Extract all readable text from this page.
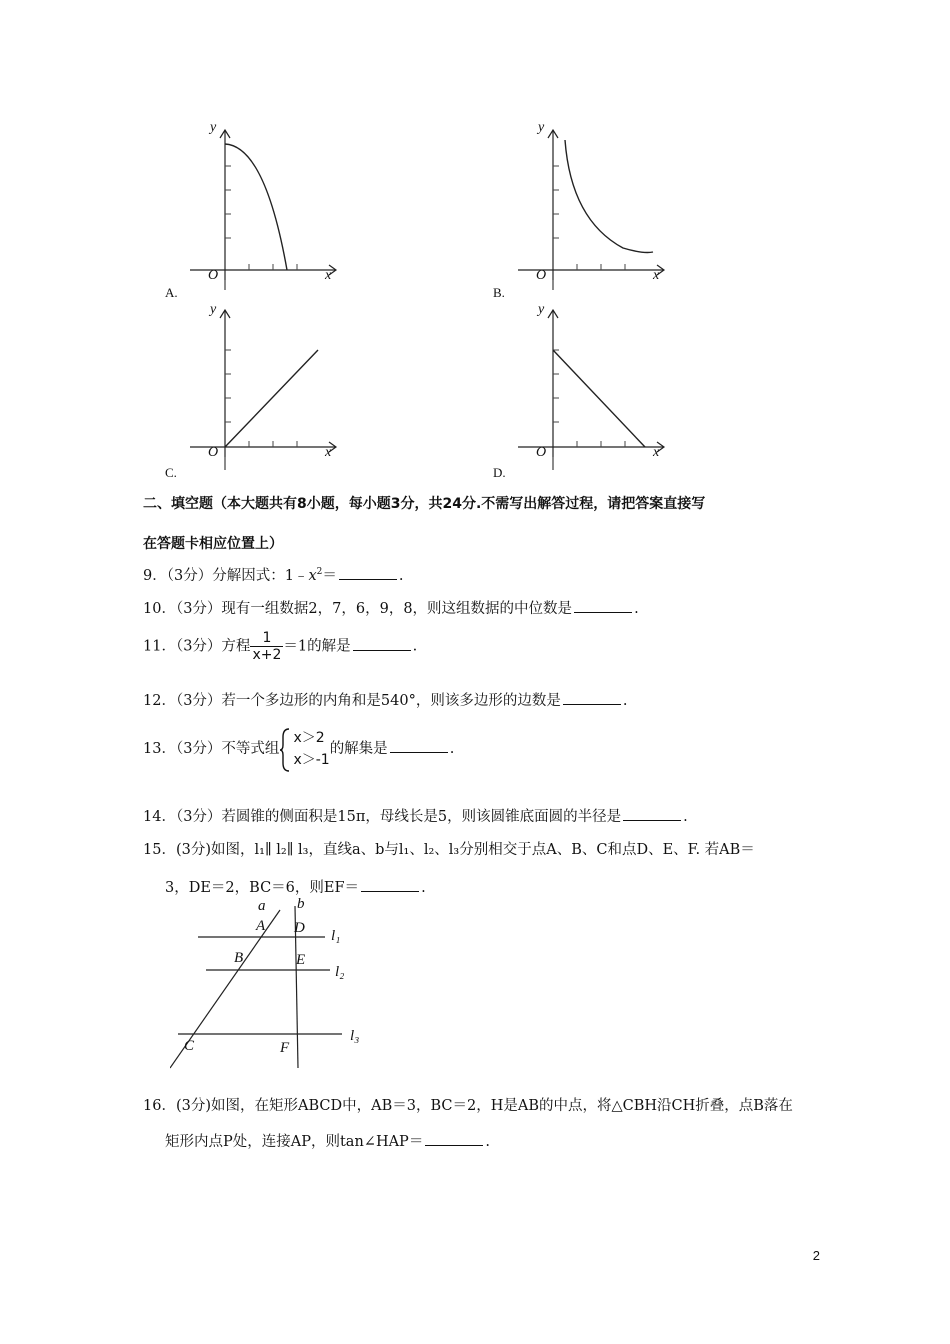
y
x
O
A.
y
x
O
B.
y
x
O
C.
y
x
O
D.
二、填空题（本大题共有8小题，每小题3分，共24分.不需写出解答过程，请把答案直接写
在答题卡相应位置上）
9．（3分）分解因式：$1﹣x^2=$	.
10．（3分）现有一组数据2，7，6，9，8，则这组数据的中位数是	.
11．（3分）方程 $\frac{1}{x+2} =1$的解是	.
12．（3分）若一个多边形的内角和是540°，则该多边形的边数是	.
13．（3分）不等式组
x＞2
x＞-1
的解集是	.
14．（3分）若圆锥的侧面积是15π，母线长是5，则该圆锥底面圆的半径是	.
15．(3分)如图，l₁∥ l₂∥ l₃，直线a、b与l₁、l₂、l₃分别相交于点A、B、C和点D、E、F. 若AB＝
3，DE＝2，BC＝6，则EF＝	.
a b
A D l₁
B	E
l₂
C	F
l₃
16．(3分)如图，在矩形ABCD中，AB＝3，BC＝2，H是AB的中点，将△CBH沿CH折叠，点B落在
矩形内点P处，连接AP，则tan∠HAP＝	.
2
